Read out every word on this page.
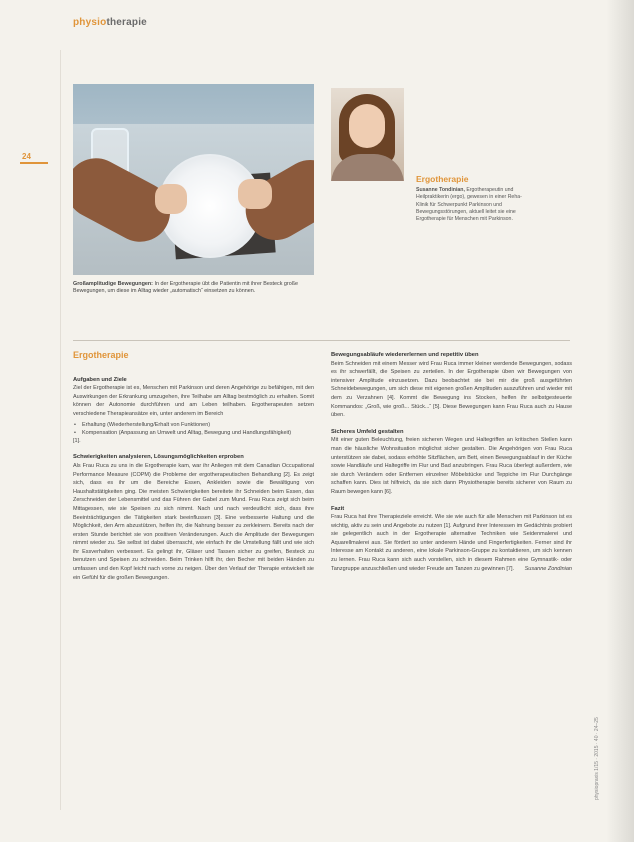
physiotherapie
24
Großamplitudige Bewegungen: In der Ergotherapie übt die Patientin mit ihrer Besteck große Bewegungen, um diese im Alltag wieder „automatisch“ einsetzen zu können.
Ergotherapie
Susanne Tondinian, Ergotherapeutin und Heilpraktikerin (ergo), gewesen in einer Reha-Klinik für Schwerpunkt Parkinson und Bewegungsstörungen, aktuell leitet sie eine Ergotherapie für Menschen mit Parkinson.

Ergotherapie

Aufgaben und Ziele

Ziel der Ergotherapie ist es, Menschen mit Parkinson und deren Angehörige zu befähigen, mit den Auswirkungen der Erkrankung umzugehen, ihre Teilhabe am Alltag bestmöglich zu erhalten. Somit können der Autonomie durchführen und am Leben teilhaben. Ergotherapeuten setzen verschiedene Therapieansätze ein, unter anderem im Bereich

• Erhaltung (Wiederherstellung/Erhalt von Funktionen)
• Kompensation (Anpassung an Umwelt und Alltag, Bewegung und Handlungsfähigkeit)

[1].

Schwierigkeiten analysieren, Lösungsmöglichkeiten erproben

Als Frau Ruca zu uns in die Ergotherapie kam, war ihr Anliegen mit dem Canadian Occupational Performance Measure (COPM) die Probleme der ergotherapeutischen Behandlung [2]. Es zeigt sich, dass es ihr um die Bereiche Essen, Ankleiden sowie die Bewältigung von Haushaltstätigkeiten ging. Die meisten Schwierigkeiten bereitete ihr Schneiden beim Essen, das Zerschneiden der Lebensmittel und das Führen der Gabel zum Mund. Frau Ruca zeigt sich beim Mittagessen, wie sie Speisen zu sich nimmt. Nach und nach verdeutlicht sich, dass ihre Beeinträchtigungen die Tätigkeiten stark beeinflussen [3]. Eine verbesserte Haltung und die Möglichkeit, den Arm abzustützen, helfen ihr, die Nahrung besser zu zerkleinern. Bereits nach der ersten Stunde berichtet sie von positiven Veränderungen. Auch die Amplitude der Bewegungen nimmt wieder zu. Sie selbst ist dabei überrascht, wie einfach ihr die Umstellung fällt und wie sich ihr Essverhalten verbessert. Es gelingt ihr, Gläser und Tassen sicher zu greifen, Besteck zu benutzen und Speisen zu schneiden. Beim Trinken hilft ihr, den Becher mit beiden Händen zu umfassen und den Kopf leicht nach vorne zu neigen. Über den Verlauf der Therapie entwickelt sie ein Gefühl für die großen Bewegungen.

Bewegungsabläufe wiedererlernen und repetitiv üben

Beim Schneiden mit einem Messer wird Frau Ruca immer kleiner werdende Bewegungen, sodass es ihr schwerfällt, die Speisen zu zerteilen. In der Ergotherapie üben wir Bewegungen von intensiver Amplitude einzusetzen. Dazu beobachtet sie bei mir die groß ausgeführten Schneidebewegungen, um sich diese mit eigenen großen Amplituden auszuführen und wieder mit dem zu Verzahnen [4]. Kommt die Bewegung ins Stocken, helfen ihr selbstgesteuerte Kommandos: „Groß, wie groß... Stück...“ [5]. Diese Bewegungen kann Frau Ruca auch zu Hause üben.

Sicheres Umfeld gestalten

Mit einer guten Beleuchtung, freien sicheren Wegen und Haltegriffen an kritischen Stellen kann man die häusliche Wohnsituation möglichst sicher gestalten. Die Angehörigen von Frau Ruca unterstützen sie dabei, sodass erhöhte Sitzflächen, am Bett, einen Bewegungsablauf in der Küche sowie Handläufe und Haltegriffe im Flur und Bad anzubringen. Frau Ruca überlegt außerdem, wie sie durch Verändern oder Entfernen einzelner Möbelstücke und Teppiche im Flur Durchgänge schaffen kann. Dies ist hilfreich, da sie sich dann Physiotherapie bereits sicherer von Raum zu Raum bewegen kann [6].

Fazit

Frau Ruca hat ihre Therapieziele erreicht. Wie sie wie auch für alle Menschen mit Parkinson ist es wichtig, aktiv zu sein und Angebote zu nutzen [1]. Aufgrund ihrer Interessen im Gedächtnis probiert sie gelegentlich auch in der Ergotherapie alternative Techniken wie Seidenmalerei und Aquarellmalerei aus. Sie fördert so unter anderem Hände und Fingerfertigkeiten. Ferner sind ihr Interesse am Kontakt zu anderen, eine lokale Parkinson-Gruppe zu kontaktieren, um sich kennen zu lernen. Frau Ruca kann sich auch vorstellen, sich in diesem Rahmen eine Gymnastik- oder Tanzgruppe anzuschließen und wieder Freude am Tanzen zu gewinnen [7]. Susanne Zondinian

physiopraxis 1/15 · 2015 · 40 · 24–25
